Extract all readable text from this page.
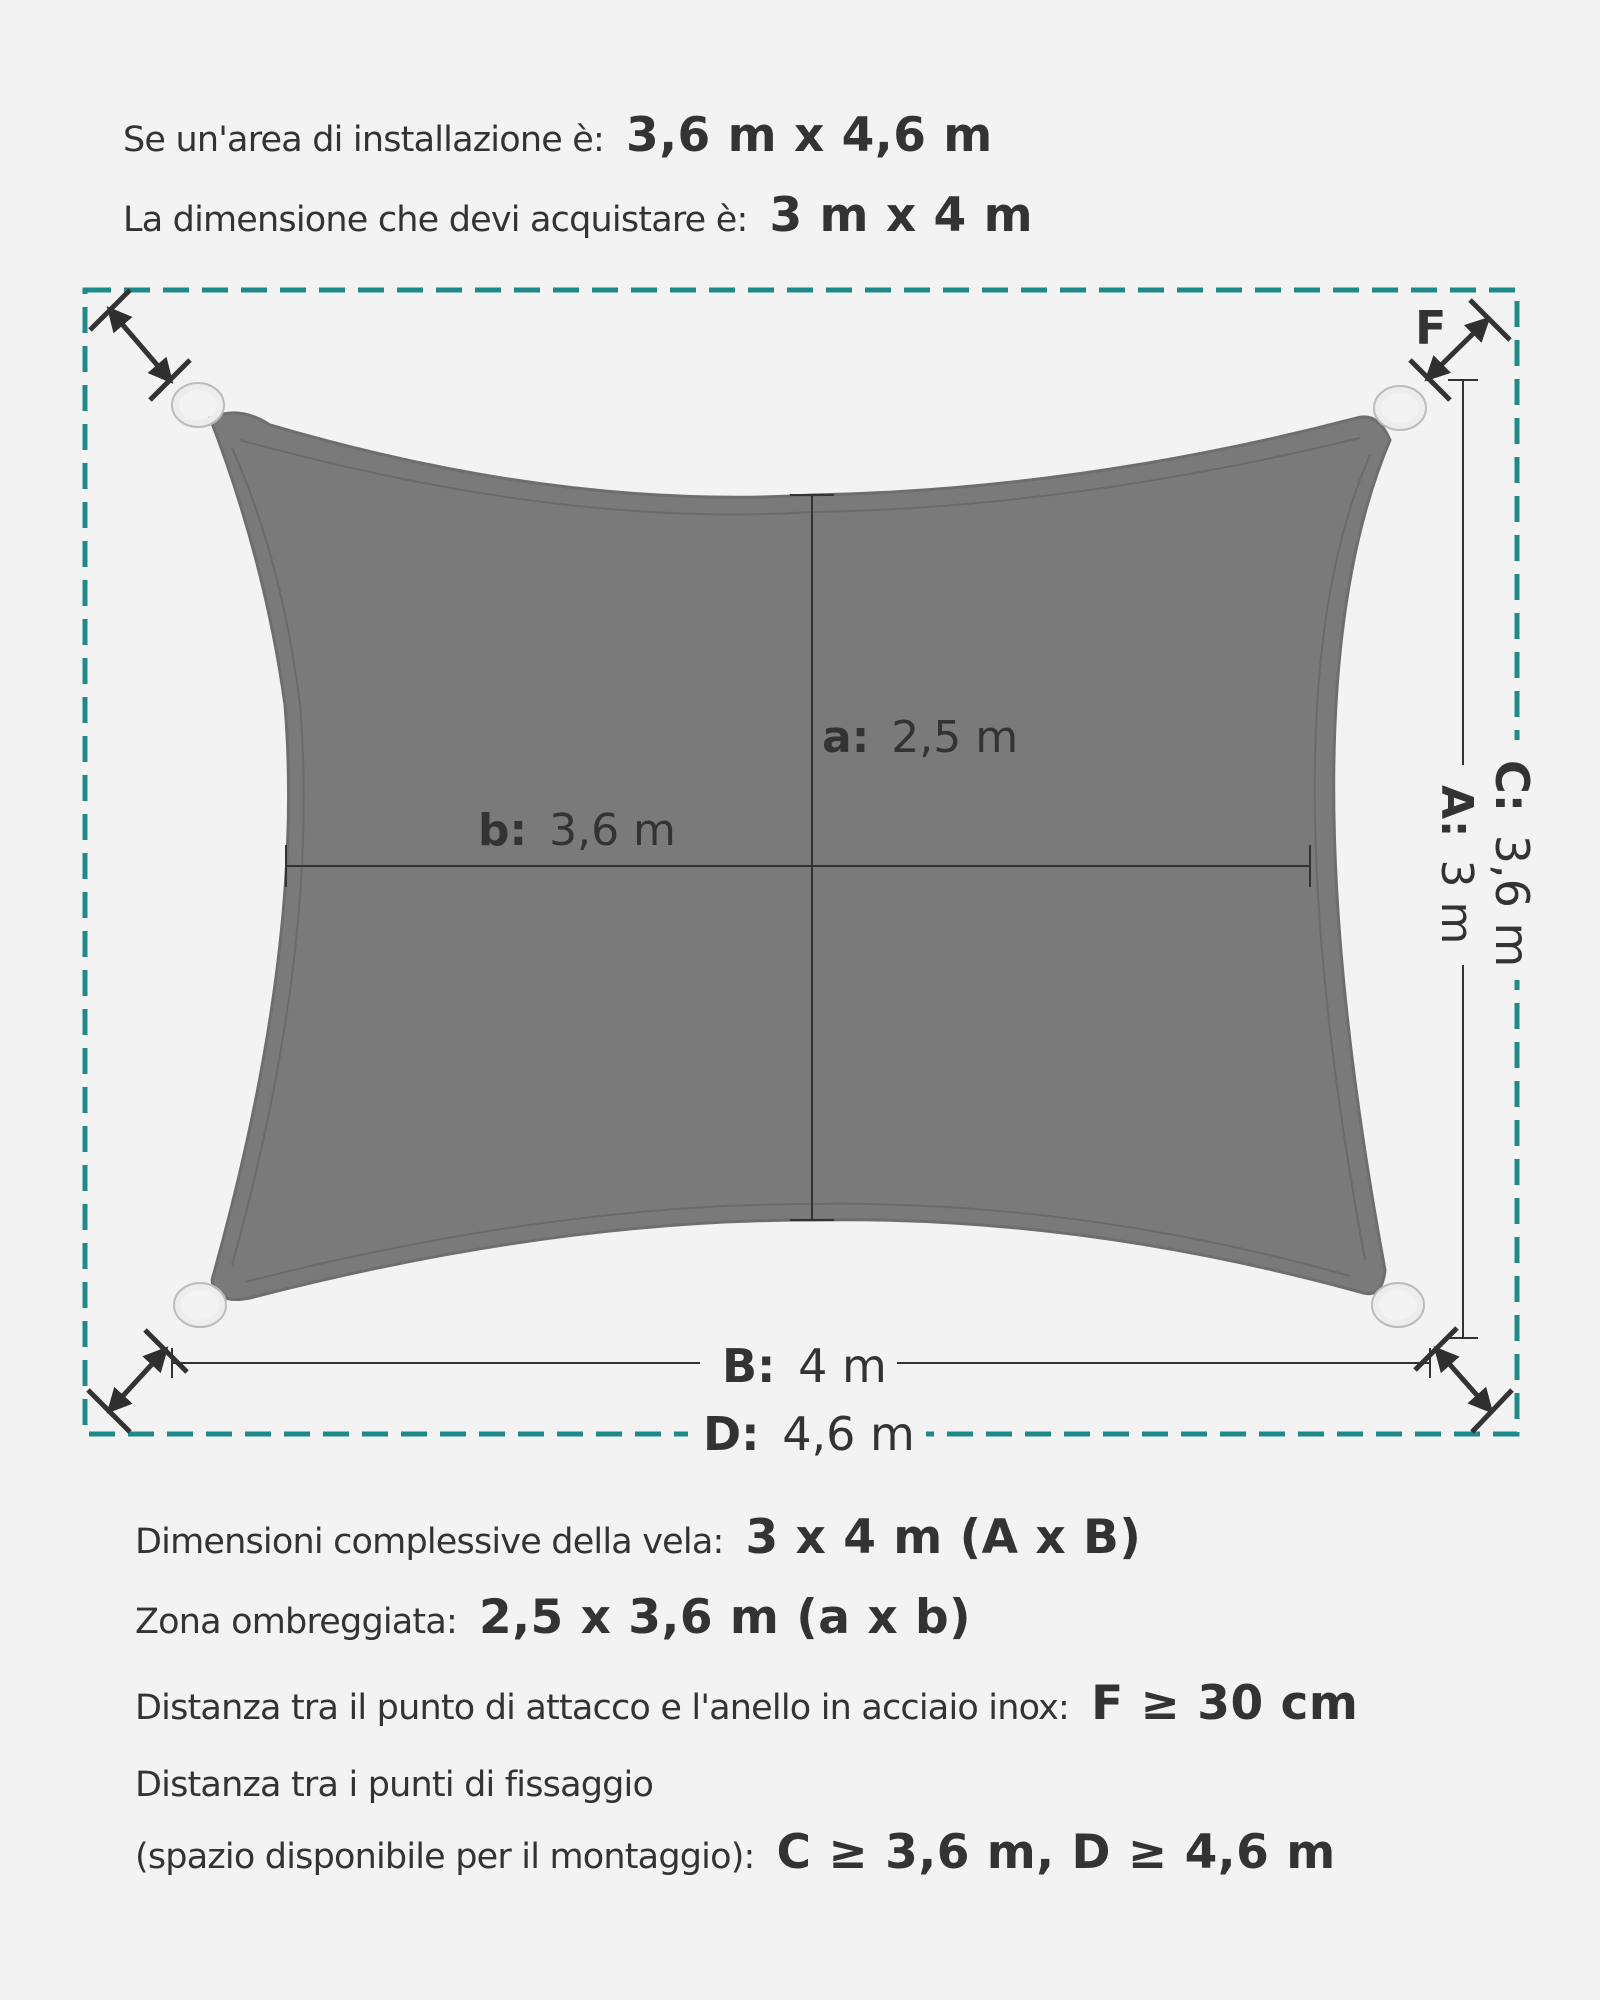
Se un'area di installazione è: 3,6 m x 4,6 m
La dimensione che devi acquistare è: 3 m x 4 m
a: 2,5 m
b: 3,6 m
B: 4 m
D: 4,6 m
A: 3 m
C: 3,6 m
F
Dimensioni complessive della vela: 3 x 4 m (A x B)
Zona ombreggiata: 2,5 x 3,6 m (a x b)
Distanza tra il punto di attacco e l'anello in acciaio inox: F ≥ 30 cm
Distanza tra i punti di fissaggio
(spazio disponibile per il montaggio): C ≥ 3,6 m, D ≥ 4,6 m
